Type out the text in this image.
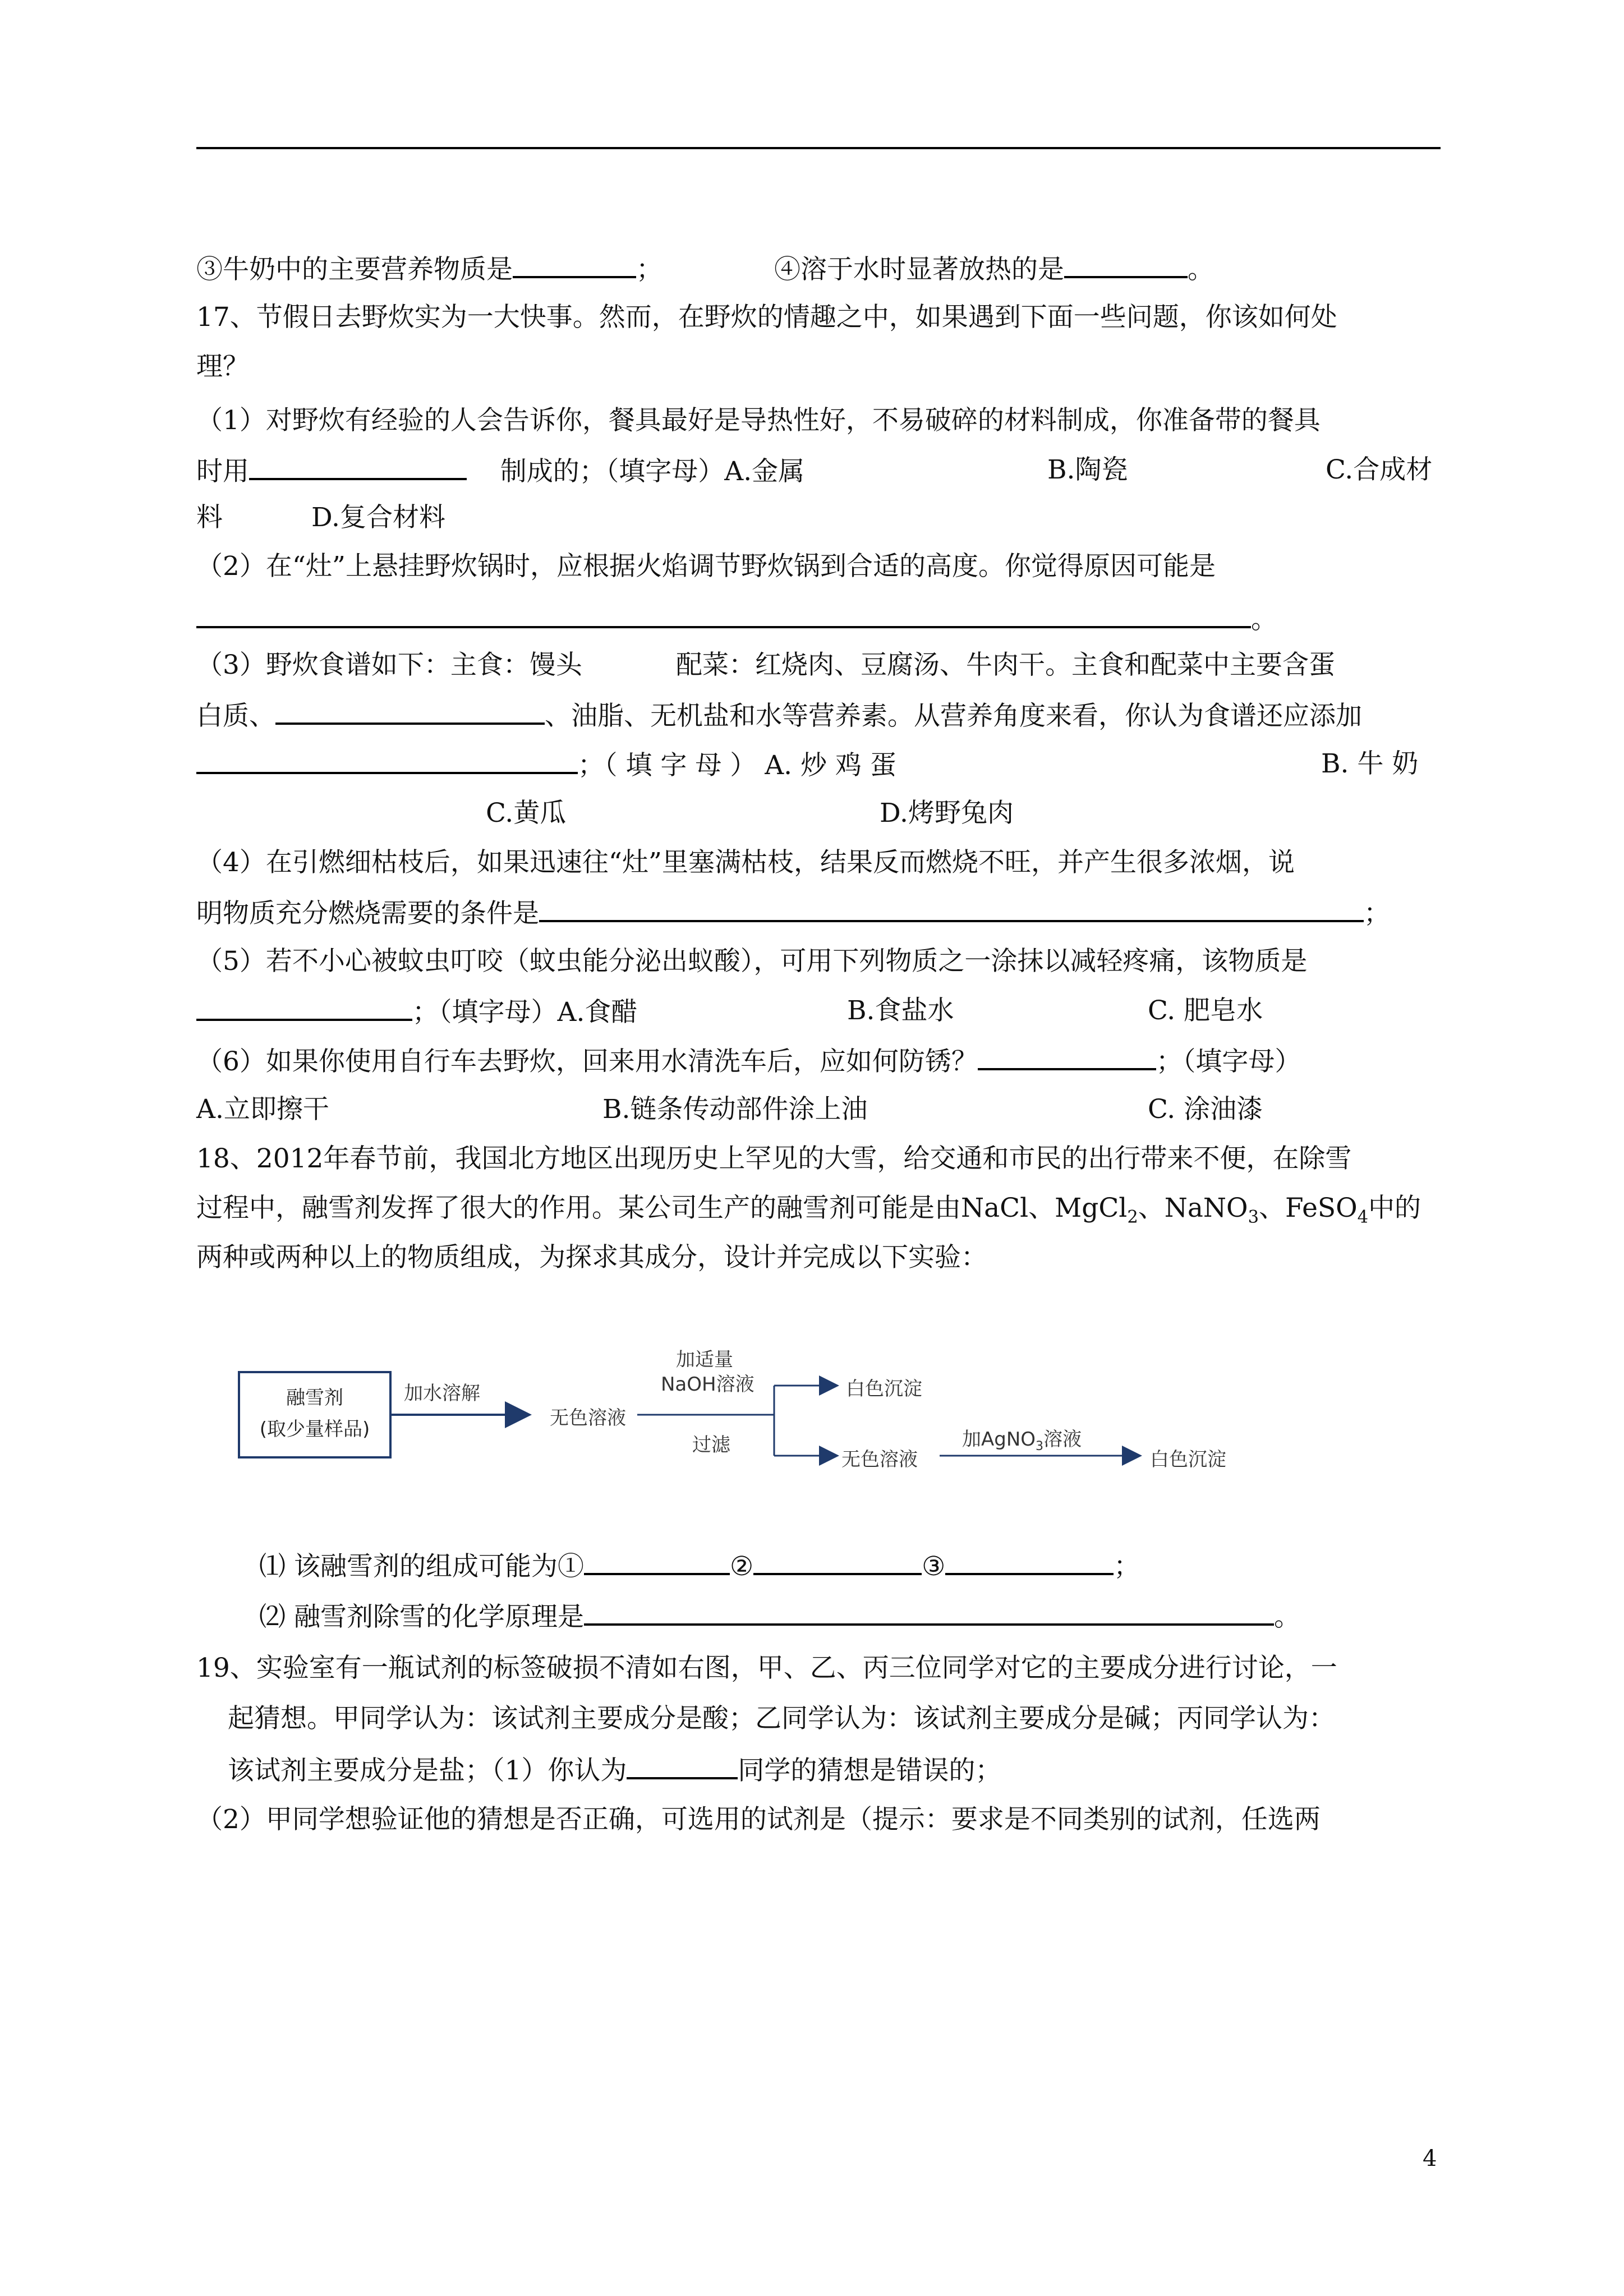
③牛奶中的主要营养物质是	；	④溶于水时显著放热的是	。
17、节假日去野炊实为一大快事。然而，在野炊的情趣之中，如果遇到下面一些问题，你该如何处
理？
（1）对野炊有经验的人会告诉你，餐具最好是导热性好，不易破碎的材料制成，你准备带的餐具
时用	制成的；（填字母）A.金属	B.陶瓷	C.合成材
料	D.复合材料
（2）在“灶”上悬挂野炊锅时，应根据火焰调节野炊锅到合适的高度。你觉得原因可能是
。
（3）野炊食谱如下：主食：馒头	配菜：红烧肉、豆腐汤、牛肉干。主食和配菜中主要含蛋
白质、	、油脂、无机盐和水等营养素。从营养角度来看，你认为食谱还应添加
；（ 填 字 母 ） A. 炒 鸡 蛋	B. 牛 奶
C.黄瓜	D.烤野兔肉
（4）在引燃细枯枝后，如果迅速往“灶”里塞满枯枝，结果反而燃烧不旺，并产生很多浓烟，说
明物质充分燃烧需要的条件是	；
（5）若不小心被蚊虫叮咬（蚊虫能分泌出蚁酸），可用下列物质之一涂抹以减轻疼痛，该物质是
；（填字母）A.食醋	B.食盐水	C. 肥皂水
（6）如果你使用自行车去野炊，回来用水清洗车后，应如何防锈？	；（填字母）
A.立即擦干	B.链条传动部件涂上油	C. 涂油漆
18、2012年春节前，我国北方地区出现历史上罕见的大雪，给交通和市民的出行带来不便，在除雪
过程中，融雪剂发挥了很大的作用。某公司生产的融雪剂可能是由NaCl、MgCl$_2$、NaNO$_3$、FeSO$_4$中的
两种或两种以上的物质组成，为探求其成分，设计并完成以下实验：
融雪剂
(取少量样品)
加水溶解
无色溶液
加适量
NaOH溶液
过滤
白色沉淀
无色溶液
加AgNO$_3$溶液
白色沉淀
⑴ 该融雪剂的组成可能为①	②	③	；
⑵ 融雪剂除雪的化学原理是	。
19、实验室有一瓶试剂的标签破损不清如右图，甲、乙、丙三位同学对它的主要成分进行讨论，一
起猜想。甲同学认为：该试剂主要成分是酸；乙同学认为：该试剂主要成分是碱；丙同学认为：
该试剂主要成分是盐；（1）你认为	同学的猜想是错误的；
（2）甲同学想验证他的猜想是否正确，可选用的试剂是（提示：要求是不同类别的试剂，任选两
4
